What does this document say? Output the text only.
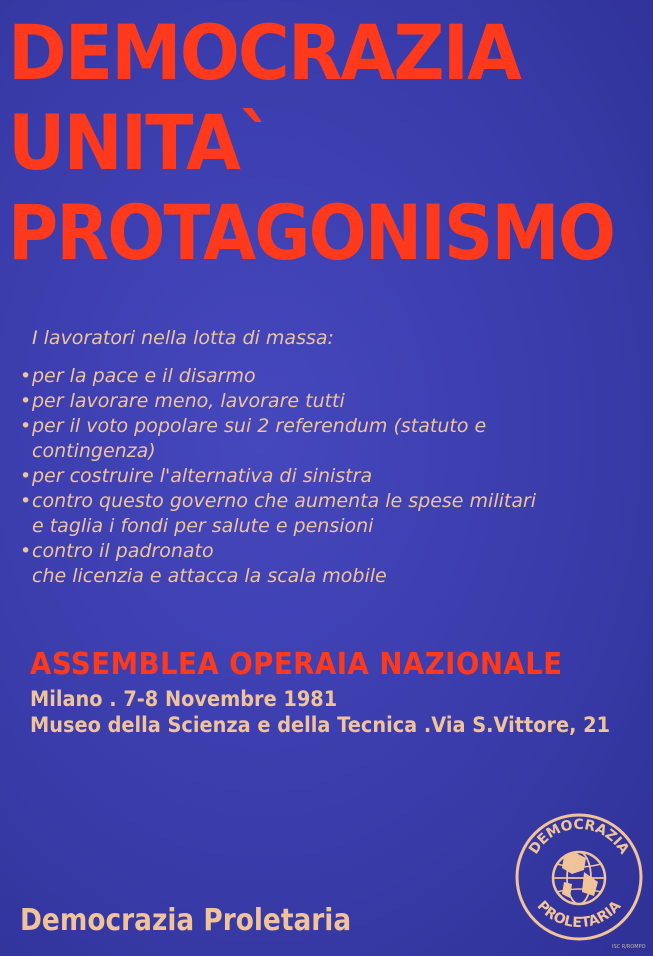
DEMOCRAZIA
UNITA`
PROTAGONISMO
I lavoratori nella lotta di massa:
• per la pace e il disarmo
• per lavorare meno, lavorare tutti
• per il voto popolare sui 2 referendum (statuto e
contingenza)
• per costruire l'alternativa di sinistra
• contro questo governo che aumenta le spese militari
e taglia i fondi per salute e pensioni
• contro il padronato
che licenzia e attacca la scala mobile
ASSEMBLEA OPERAIA NAZIONALE
Milano . 7-8 Novembre 1981
Museo della Scienza e della Tecnica .Via S.Vittore, 21
Democrazia Proletaria
DEMOCRAZIA
PROLETARIA
ISC R/ROMPO
